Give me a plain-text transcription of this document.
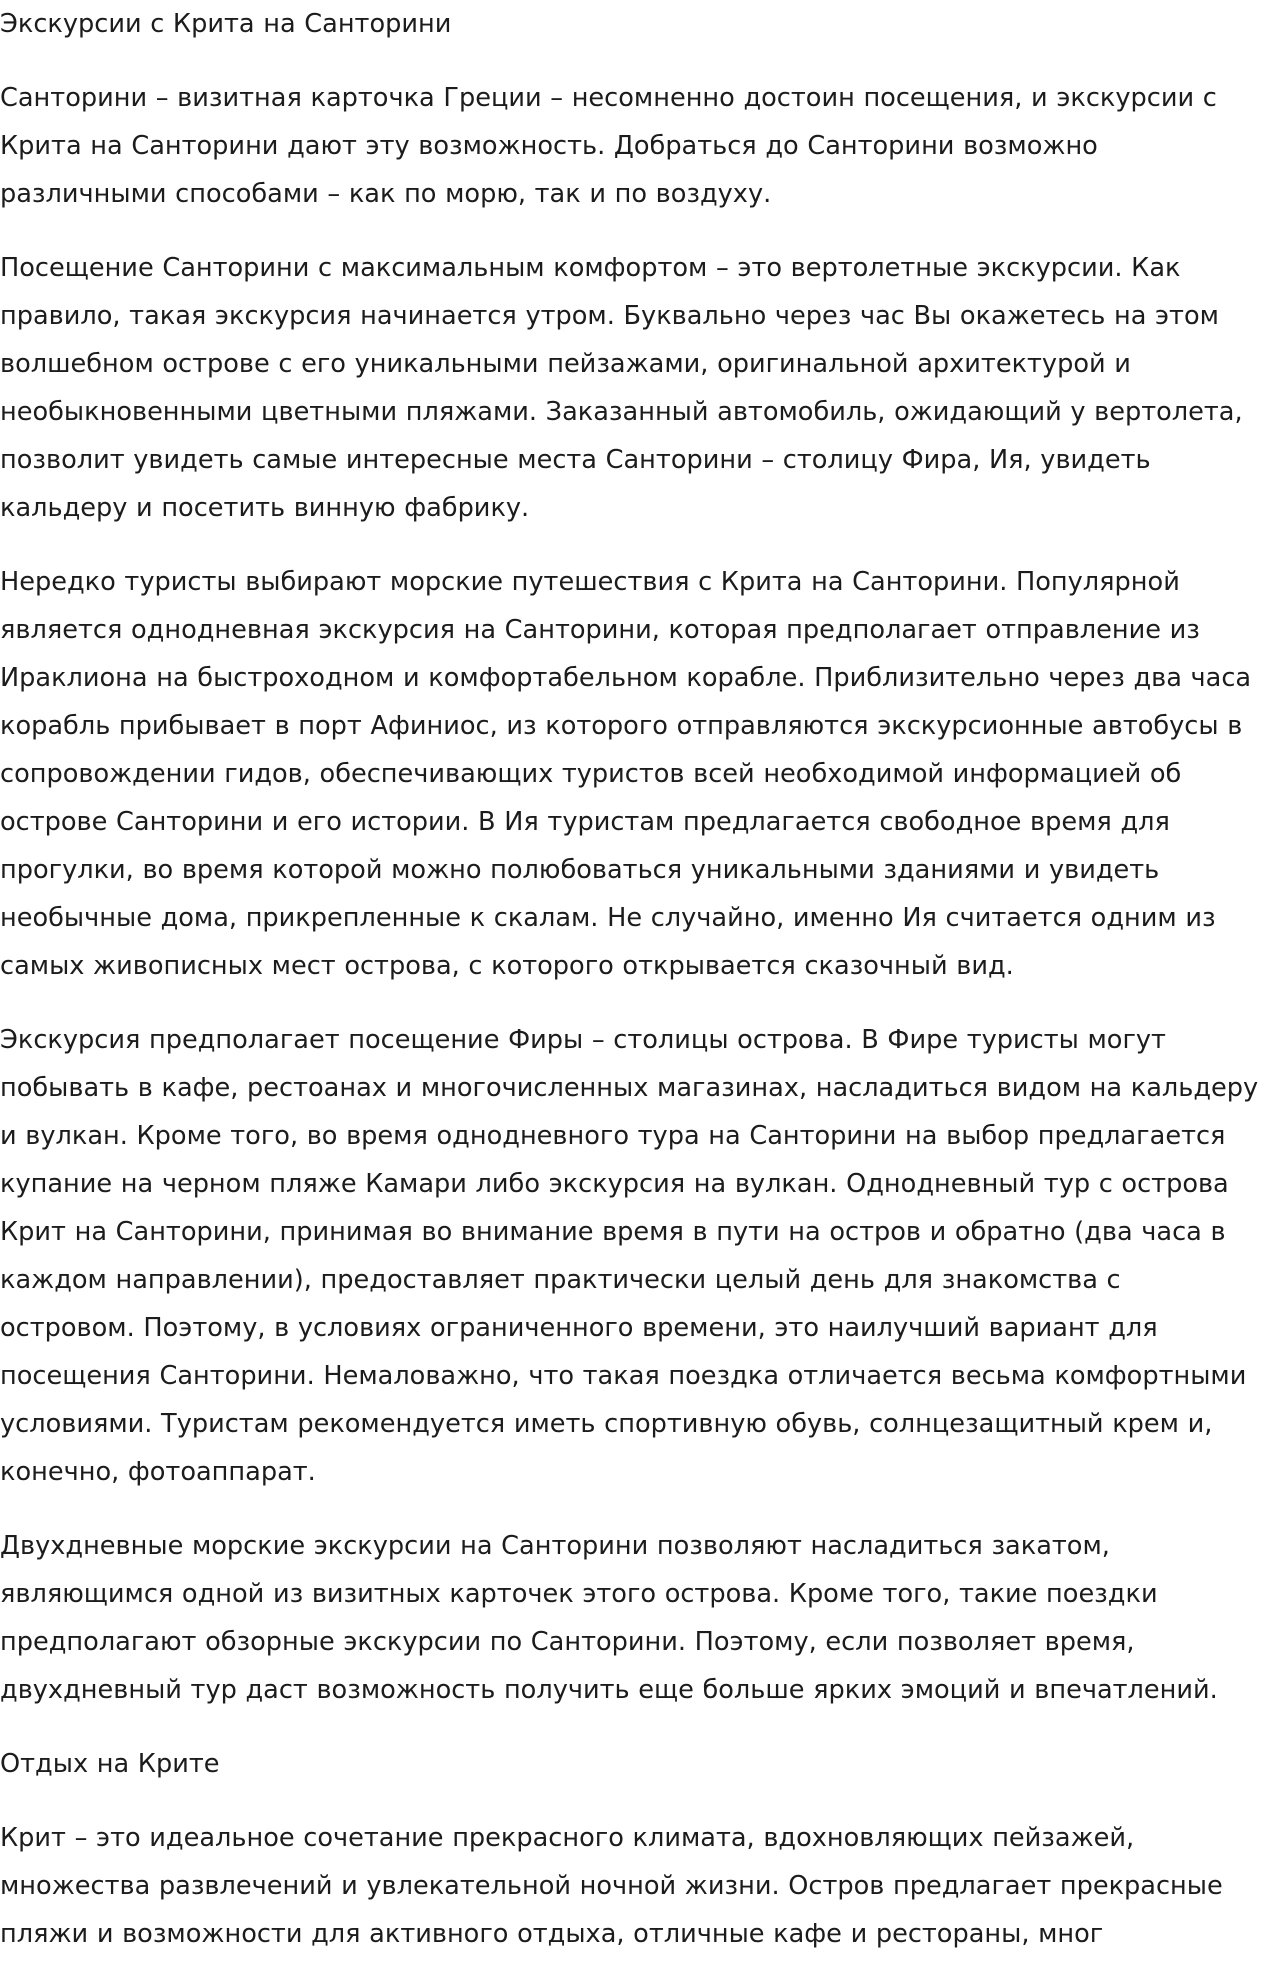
Экскурсии с Крита на Санторини

Санторини – визитная карточка Греции – несомненно достоин посещения, и экскурсии с Крита на Санторини дают эту возможность. Добраться до Санторини возможно различными способами – как по морю, так и по воздуху.

Посещение Санторини с максимальным комфортом – это вертолетные экскурсии. Как правило, такая экскурсия начинается утром. Буквально через час Вы окажетесь на этом волшебном острове с его уникальными пейзажами, оригинальной архитектурой и необыкновенными цветными пляжами. Заказанный автомобиль, ожидающий у вертолета, позволит увидеть самые интересные места Санторини – столицу Фира, Ия, увидеть кальдеру и посетить винную фабрику.

Нередко туристы выбирают морские путешествия с Крита на Санторини. Популярной является однодневная экскурсия на Санторини, которая предполагает отправление из Ираклиона на быстроходном и комфортабельном корабле. Приблизительно через два часа корабль прибывает в порт Афиниос, из которого отправляются экскурсионные автобусы в сопровождении гидов, обеспечивающих туристов всей необходимой информацией об острове Санторини и его истории. В Ия туристам предлагается свободное время для прогулки, во время которой можно полюбоваться уникальными зданиями и увидеть необычные дома, прикрепленные к скалам. Не случайно, именно Ия считается одним из самых живописных мест острова, с которого открывается сказочный вид.

Экскурсия предполагает посещение Фиры – столицы острова. В Фире туристы могут побывать в кафе, рестоанах и многочисленных магазинах, насладиться видом на кальдеру и вулкан. Кроме того, во время однодневного тура на Санторини на выбор предлагается купание на черном пляже Камари либо экскурсия на вулкан. Однодневный тур с острова Крит на Санторини, принимая во внимание время в пути на остров и обратно (два часа в каждом направлении), предоставляет практически целый день для знакомства с островом. Поэтому, в условиях ограниченного времени, это наилучший вариант для посещения Санторини. Немаловажно, что такая поездка отличается весьма комфортными условиями. Туристам рекомендуется иметь спортивную обувь, солнцезащитный крем и, конечно, фотоаппарат.

Двухдневные морские экскурсии на Санторини позволяют насладиться закатом, являющимся одной из визитных карточек этого острова. Кроме того, такие поездки предполагают обзорные экскурсии по Санторини. Поэтому, если позволяет время, двухдневный тур даст возможность получить еще больше ярких эмоций и впечатлений.

Отдых на Крите

Крит – это идеальное сочетание прекрасного климата, вдохновляющих пейзажей, множества развлечений и увлекательной ночной жизни. Остров предлагает прекрасные пляжи и возможности для активного отдыха, отличные кафе и рестораны, мног
